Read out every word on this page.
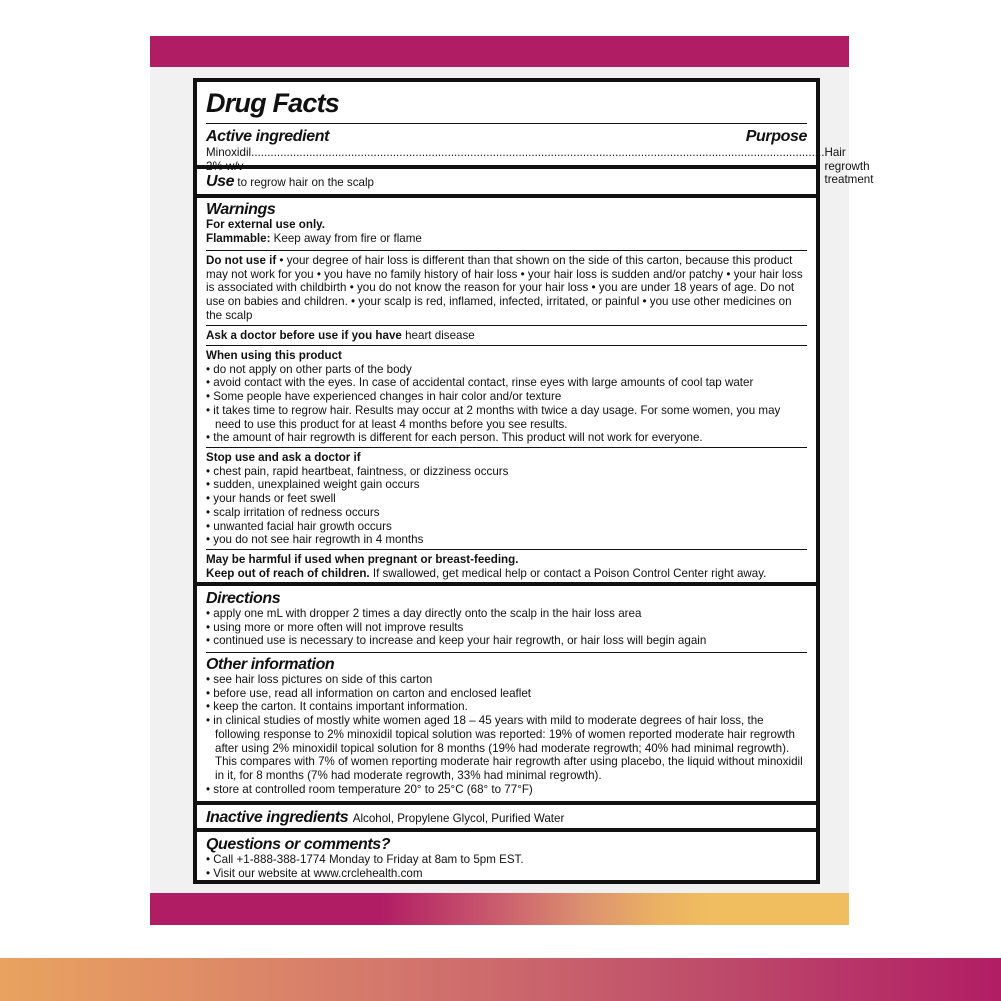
Drug Facts
Active ingredient	Purpose
Minoxidil .................................................................................................................................................................................. Hair regrowth treatment
Use to regrow hair on the scalp
Warnings

For external use only.

Flammable: Keep away from fire or flame

Do not use if • your degree of hair loss is different than that shown on the side of this carton, because this product may not work for you • you have no family history of hair loss • your hair loss is sudden and/or patchy • your hair loss is associated with childbirth • you do not know the reason for your hair loss • you are under 18 years of age. Do not use on babies and children. • your scalp is red, inflamed, infected, irritated, or painful • you use other medicines on the scalp
Ask a doctor before use if you have heart disease

When using this product

• do not apply on other parts of the body

• avoid contact with the eyes. In case of accidental contact, rinse eyes with large amounts of cool tap water

• Some people have experienced changes in hair color and/or texture

• it takes time to regrow hair. Results may occur at 2 months with twice a day usage. For some women, you may need to use this product for at least 4 months before you see results.

• the amount of hair regrowth is different for each person. This product will not work for everyone.

Stop use and ask a doctor if

• chest pain, rapid heartbeat, faintness, or dizziness occurs

• sudden, unexplained weight gain occurs

• your hands or feet swell

• scalp irritation of redness occurs

• unwanted facial hair growth occurs

• you do not see hair regrowth in 4 months

May be harmful if used when pregnant or breast-feeding.

Keep out of reach of children. If swallowed, get medical help or contact a Poison Control Center right away.

Directions

• apply one mL with dropper 2 times a day directly onto the scalp in the hair loss area

• using more or more often will not improve results

• continued use is necessary to increase and keep your hair regrowth, or hair loss will begin again

Other information

• see hair loss pictures on side of this carton

• before use, read all information on carton and enclosed leaflet

• keep the carton. It contains important information.

• in clinical studies of mostly white women aged 18 – 45 years with mild to moderate degrees of hair loss, the following response to 2% minoxidil topical solution was reported: 19% of women reported moderate hair regrowth after using 2% minoxidil topical solution for 8 months (19% had moderate regrowth; 40% had minimal regrowth). This compares with 7% of women reporting moderate hair regrowth after using placebo, the liquid without minoxidil in it, for 8 months (7% had moderate regrowth, 33% had minimal regrowth).

• store at controlled room temperature 20° to 25°C (68° to 77°F)

Inactive ingredients Alcohol, Propylene Glycol, Purified Water
Questions or comments?

• Call +1-888-388-1774 Monday to Friday at 8am to 5pm EST.

• Visit our website at www.crclehealth.com
